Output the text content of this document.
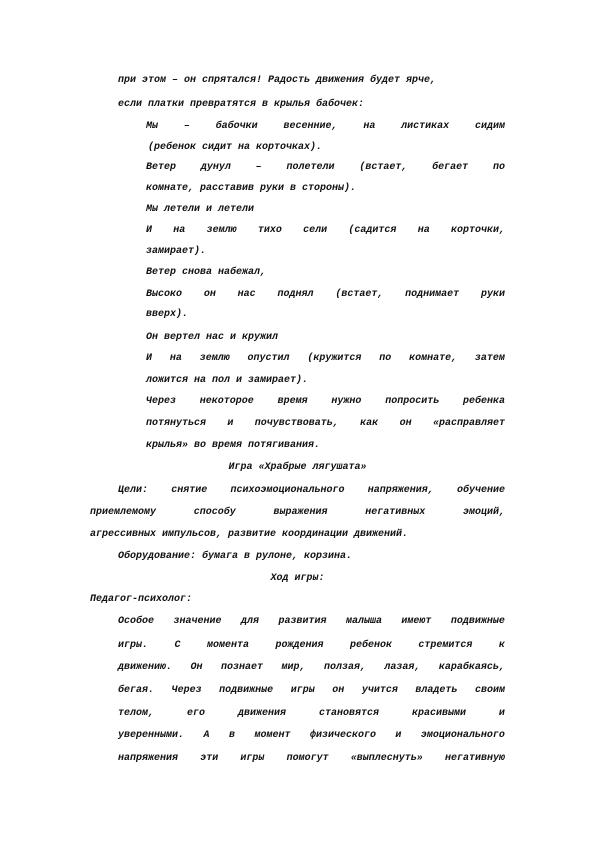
при этом – он спрятался! Радость движения будет ярче,
если платки превратятся в крылья бабочек:
Мы	–	бабочки	весенние,	на	листиках	сидим
(ребенок сидит на корточках).
Ветер дунул – полетели (встает, бегает по
комнате, расставив руки в стороны).
Мы летели и летели
И на землю тихо сели (садится на корточки,
замирает).
Ветер снова набежал,
Высоко он нас поднял (встает, поднимает руки
вверх).
Он вертел нас и кружил
И на землю опустил (кружится по комнате, затем
ложится на пол и замирает).
Через некоторое время нужно попросить ребенка
потянуться и почувствовать, как он «расправляет
крылья» во время потягивания.
Игра «Храбрые лягушата»
Цели: снятие психоэмоционального напряжения, обучение
приемлемому	способу	выражения	негативных	эмоций,
агрессивных импульсов, развитие координации движений.
Оборудование: бумага в рулоне, корзина.
Ход игры:
Педагог-психолог:
Особое значение для развития малыша имеют подвижные
игры.	С	момента	рождения	ребенок	стремится	к
движению. Он познает мир, ползая, лазая, карабкаясь,
бегая. Через подвижные игры он учится владеть своим
телом,	его	движения	становятся	красивыми	и
уверенными. А в момент физического и эмоционального
напряжения эти игры помогут «выплеснуть» негативную
